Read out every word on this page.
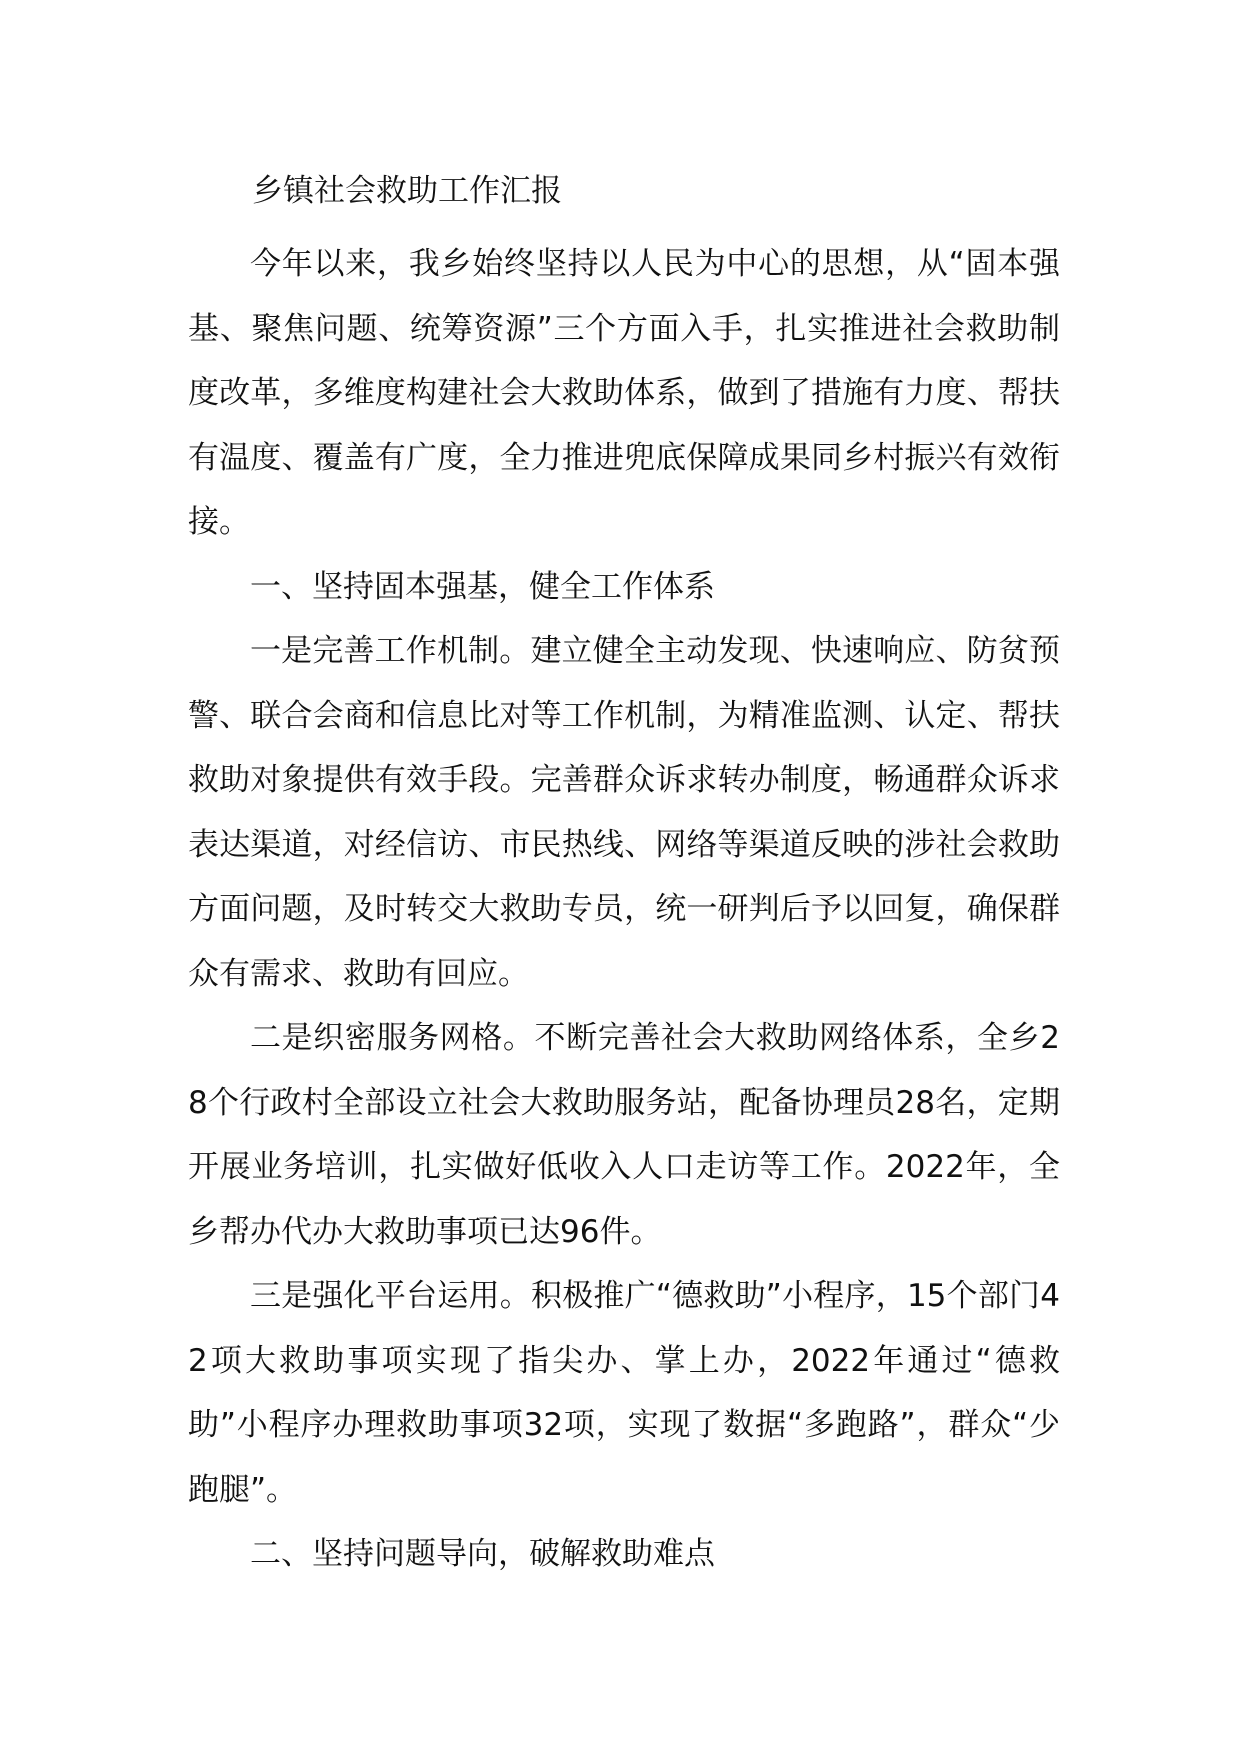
乡镇社会救助工作汇报

今年以来，我乡始终坚持以人民为中心的思想，从“固本强基、聚焦问题、统筹资源”三个方面入手，扎实推进社会救助制度改革，多维度构建社会大救助体系，做到了措施有力度、帮扶有温度、覆盖有广度，全力推进兜底保障成果同乡村振兴有效衔接。

一、坚持固本强基，健全工作体系

一是完善工作机制。建立健全主动发现、快速响应、防贫预警、联合会商和信息比对等工作机制，为精准监测、认定、帮扶救助对象提供有效手段。完善群众诉求转办制度，畅通群众诉求表达渠道，对经信访、市民热线、网络等渠道反映的涉社会救助方面问题，及时转交大救助专员，统一研判后予以回复，确保群众有需求、救助有回应。

二是织密服务网格。不断完善社会大救助网络体系，全乡28个行政村全部设立社会大救助服务站，配备协理员28名，定期开展业务培训，扎实做好低收入人口走访等工作。2022年，全乡帮办代办大救助事项已达96件。

三是强化平台运用。积极推广“德救助”小程序，15个部门42项大救助事项实现了指尖办、掌上办，2022年通过“德救助”小程序办理救助事项32项，实现了数据“多跑路”，群众“少跑腿”。

二、坚持问题导向，破解救助难点
